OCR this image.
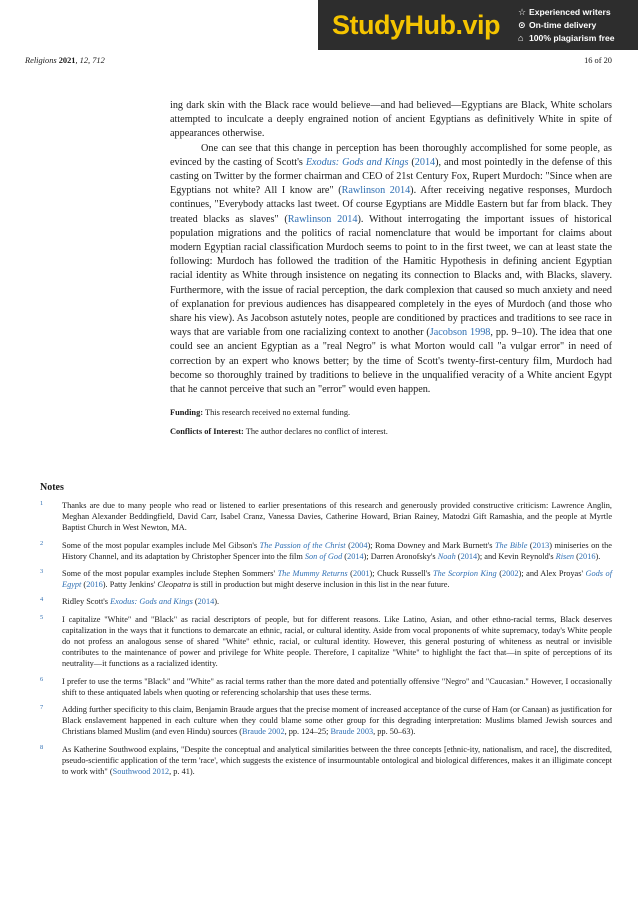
StudyHub.vip	☆ Experienced writers
⊙ On-time delivery
⌂ 100% plagiarism free
Religions 2021, 12, 712	16 of 20

ing dark skin with the Black race would believe—and had believed—Egyptians are Black, White scholars attempted to inculcate a deeply engrained notion of ancient Egyptians as definitively White in spite of appearances otherwise.

One can see that this change in perception has been thoroughly accomplished for some people, as evinced by the casting of Scott's Exodus: Gods and Kings (2014), and most pointedly in the defense of this casting on Twitter by the former chairman and CEO of 21st Century Fox, Rupert Murdoch: "Since when are Egyptians not white? All I know are" (Rawlinson 2014). After receiving negative responses, Murdoch continues, "Everybody attacks last tweet. Of course Egyptians are Middle Eastern but far from black. They treated blacks as slaves" (Rawlinson 2014). Without interrogating the important issues of historical population migrations and the politics of racial nomenclature that would be important for claims about modern Egyptian racial classification Murdoch seems to point to in the first tweet, we can at least state the following: Murdoch has followed the tradition of the Hamitic Hypothesis in defining ancient Egyptian racial identity as White through insistence on negating its connection to Blacks and, with Blacks, slavery. Furthermore, with the issue of racial perception, the dark complexion that caused so much anxiety and need of explanation for previous audiences has disappeared completely in the eyes of Murdoch (and those who share his view). As Jacobson astutely notes, people are conditioned by practices and traditions to see race in ways that are variable from one racializing context to another (Jacobson 1998, pp. 9–10). The idea that one could see an ancient Egyptian as a "real Negro" is what Morton would call "a vulgar error" in need of correction by an expert who knows better; by the time of Scott's twenty-first-century film, Murdoch had become so thoroughly trained by traditions to believe in the unqualified veracity of a White ancient Egypt that he cannot perceive that such an "error" would even happen.

Funding: This research received no external funding.

Conflicts of Interest: The author declares no conflict of interest.

Notes
1 Thanks are due to many people who read or listened to earlier presentations of this research and generously provided constructive criticism: Lawrence Anglin, Meghan Alexander Beddingfield, David Carr, Isabel Cranz, Vanessa Davies, Catherine Howard, Brian Rainey, Matodzi Gift Ramashia, and the people at Myrtle Baptist Church in West Newton, MA.
2 Some of the most popular examples include Mel Gibson's The Passion of the Christ (2004); Roma Downey and Mark Burnett's The Bible (2013) miniseries on the History Channel, and its adaptation by Christopher Spencer into the film Son of God (2014); Darren Aronofsky's Noah (2014); and Kevin Reynold's Risen (2016).
3 Some of the most popular examples include Stephen Sommers' The Mummy Returns (2001); Chuck Russell's The Scorpion King (2002); and Alex Proyas' Gods of Egypt (2016). Patty Jenkins' Cleopatra is still in production but might deserve inclusion in this list in the near future.
4 Ridley Scott's Exodus: Gods and Kings (2014).
5 I capitalize "White" and "Black" as racial descriptors of people, but for different reasons. Like Latino, Asian, and other ethno-racial terms, Black deserves capitalization in the ways that it functions to demarcate an ethnic, racial, or cultural identity. Aside from vocal proponents of white supremacy, today's White people do not profess an analogous sense of shared "White" ethnic, racial, or cultural identity. However, this general posturing of whiteness as neutral or invisible contributes to the maintenance of power and privilege for White people. Therefore, I capitalize "White" to highlight the fact that—in spite of perceptions of its neutrality—it functions as a racialized identity.
6 I prefer to use the terms "Black" and "White" as racial terms rather than the more dated and potentially offensive "Negro" and "Caucasian." However, I occasionally shift to these antiquated labels when quoting or referencing scholarship that uses these terms.
7 Adding further specificity to this claim, Benjamin Braude argues that the precise moment of increased acceptance of the curse of Ham (or Canaan) as justification for Black enslavement happened in each culture when they could blame some other group for this degrading interpretation: Muslims blamed Jewish sources and Christians blamed Muslim (and even Hindu) sources (Braude 2002, pp. 124–25; Braude 2003, pp. 50–63).
8 As Katherine Southwood explains, "Despite the conceptual and analytical similarities between the three concepts [ethnic-ity, nationalism, and race], the discredited, pseudo-scientific application of the term 'race', which suggests the existence of insurmountable ontological and biological differences, makes it an illigimate concept to work with" (Southwood 2012, p. 41).
